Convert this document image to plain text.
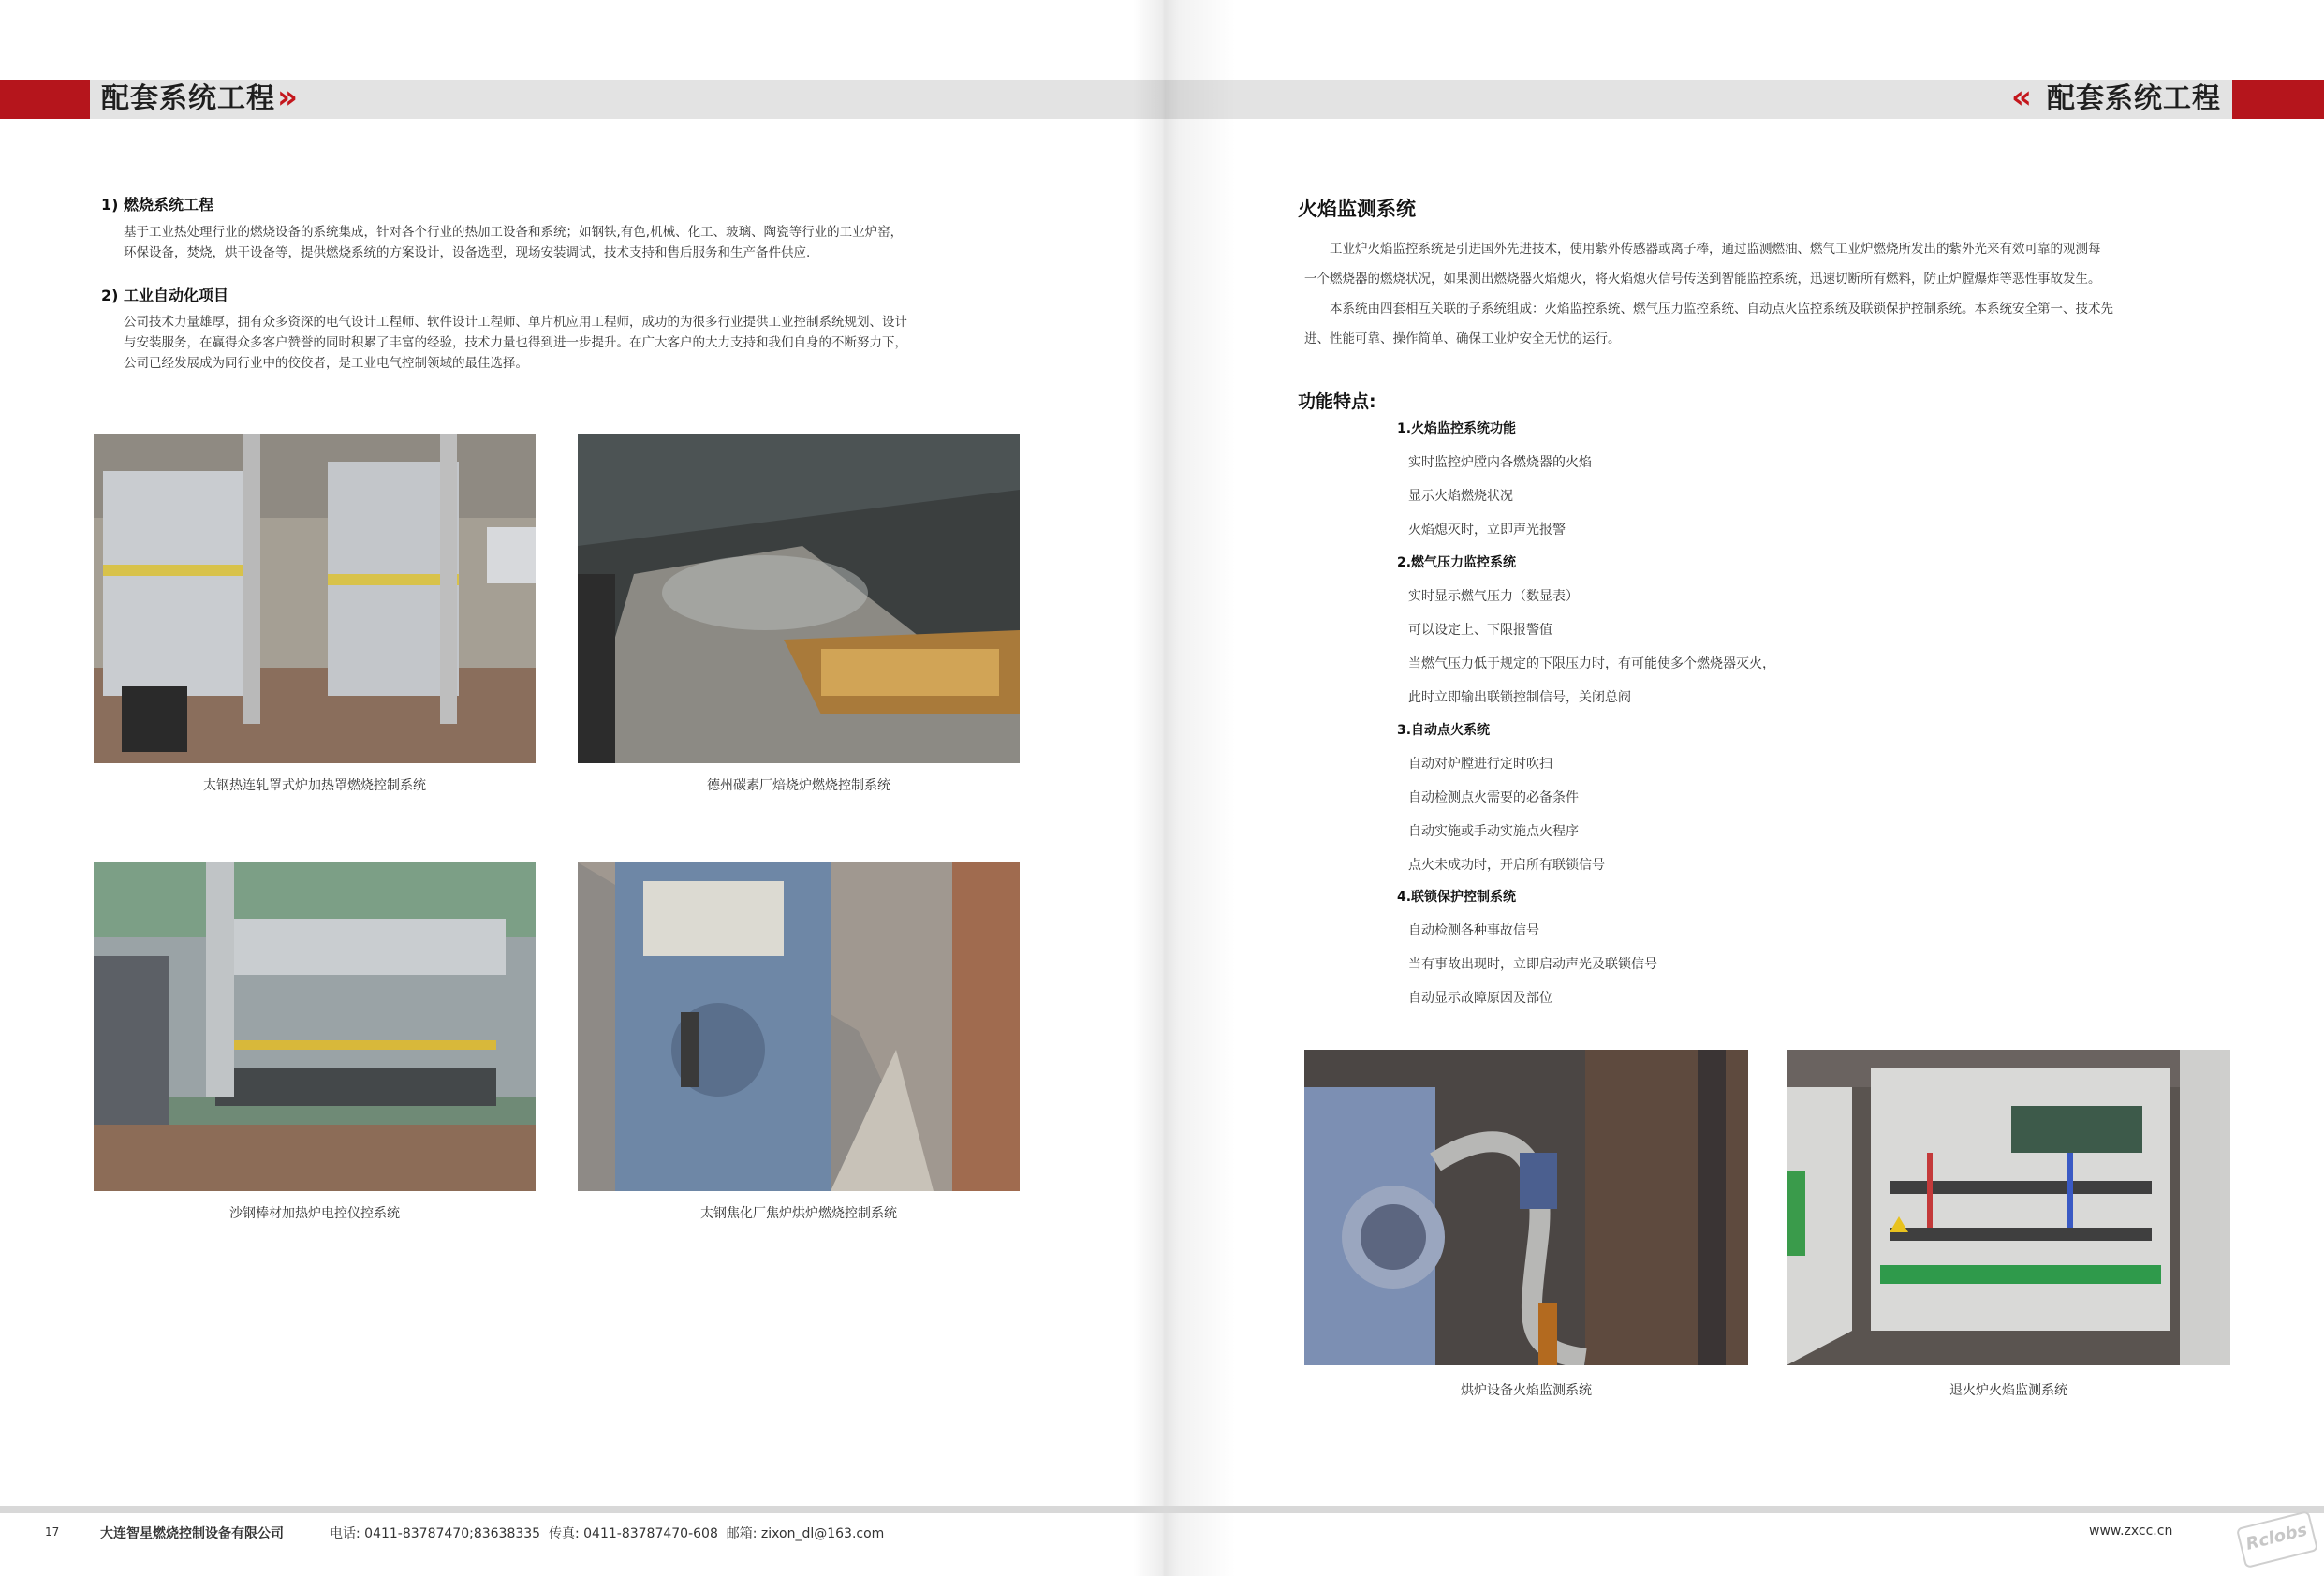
配套系统工程 »	« 配套系统工程
1) 燃烧系统工程
基于工业热处理行业的燃烧设备的系统集成，针对各个行业的热加工设备和系统；如钢铁,有色,机械、化工、玻璃、陶瓷等行业的工业炉窑，
环保设备，焚烧，烘干设备等，提供燃烧系统的方案设计，设备选型，现场安装调试，技术支持和售后服务和生产备件供应.
2) 工业自动化项目
公司技术力量雄厚，拥有众多资深的电气设计工程师、软件设计工程师、单片机应用工程师，成功的为很多行业提供工业控制系统规划、设计
与安装服务，在赢得众多客户赞誉的同时积累了丰富的经验，技术力量也得到进一步提升。在广大客户的大力支持和我们自身的不断努力下，
公司已经发展成为同行业中的佼佼者，是工业电气控制领域的最佳选择。
太钢热连轧罩式炉加热罩燃烧控制系统	德州碳素厂焙烧炉燃烧控制系统
沙钢棒材加热炉电控仪控系统	太钢焦化厂焦炉烘炉燃烧控制系统
火焰监测系统
工业炉火焰监控系统是引进国外先进技术，使用紫外传感器或离子棒，通过监测燃油、燃气工业炉燃烧所发出的紫外光来有效可靠的观测每
一个燃烧器的燃烧状况，如果测出燃烧器火焰熄火，将火焰熄火信号传送到智能监控系统，迅速切断所有燃料，防止炉膛爆炸等恶性事故发生。
本系统由四套相互关联的子系统组成：火焰监控系统、燃气压力监控系统、自动点火监控系统及联锁保护控制系统。本系统安全第一、技术先
进、性能可靠、操作简单、确保工业炉安全无忧的运行。
功能特点:
1.火焰监控系统功能
实时监控炉膛内各燃烧器的火焰
显示火焰燃烧状况
火焰熄灭时，立即声光报警
2.燃气压力监控系统
实时显示燃气压力（数显表）
可以设定上、下限报警值
当燃气压力低于规定的下限压力时，有可能使多个燃烧器灭火，
此时立即输出联锁控制信号，关闭总阀
3.自动点火系统
自动对炉膛进行定时吹扫
自动检测点火需要的必备条件
自动实施或手动实施点火程序
点火未成功时，开启所有联锁信号
4.联锁保护控制系统
自动检测各种事故信号
当有事故出现时，立即启动声光及联锁信号
自动显示故障原因及部位
烘炉设备火焰监测系统	退火炉火焰监测系统
17	大连智星燃烧控制设备有限公司	电话: 0411-83787470;83638335  传真: 0411-83787470-608  邮箱: zixon_dl@163.com	www.zxcc.cn	Rclobs
